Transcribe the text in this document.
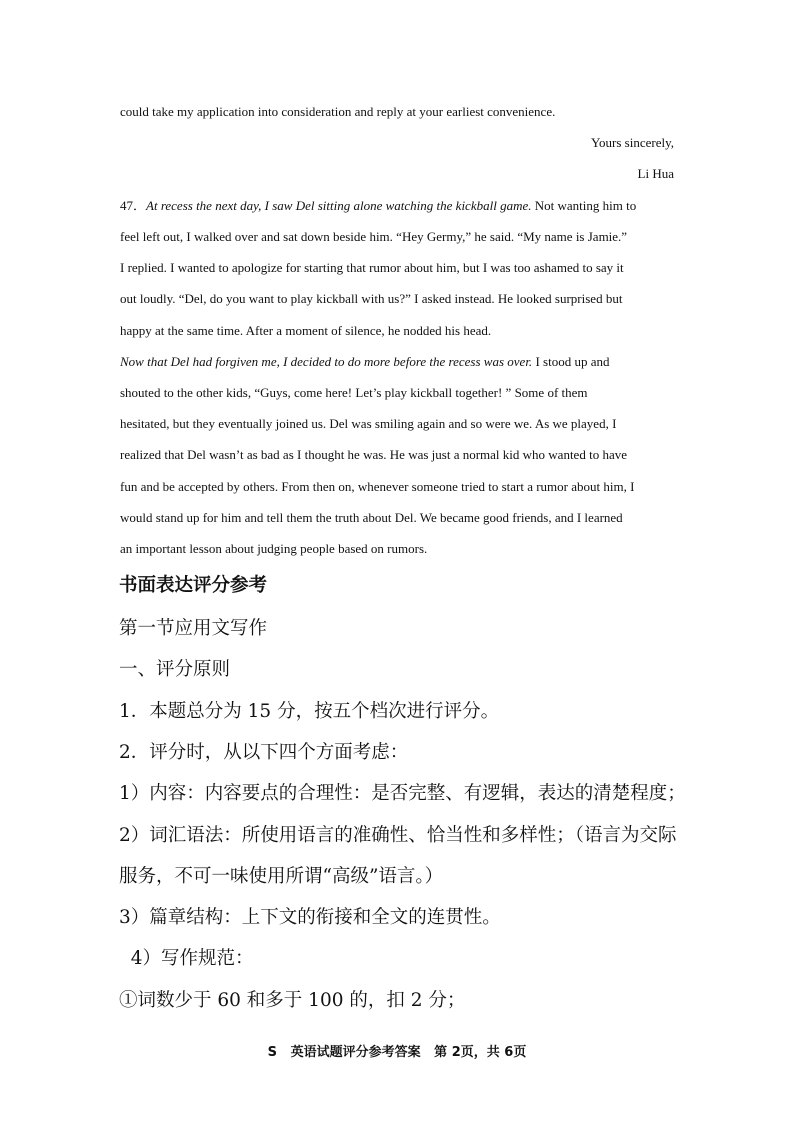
could take my application into consideration and reply at your earliest convenience.
Yours sincerely,
Li Hua
47．At recess the next day, I saw Del sitting alone watching the kickball game. Not wanting him to
feel left out, I walked over and sat down beside him. “Hey Germy,” he said. “My name is Jamie.”
I replied. I wanted to apologize for starting that rumor about him, but I was too ashamed to say it
out loudly. “Del, do you want to play kickball with us?” I asked instead. He looked surprised but
happy at the same time. After a moment of silence, he nodded his head.
Now that Del had forgiven me, I decided to do more before the recess was over. I stood up and
shouted to the other kids, “Guys, come here! Let’s play kickball together! ” Some of them
hesitated, but they eventually joined us. Del was smiling again and so were we. As we played, I
realized that Del wasn’t as bad as I thought he was. He was just a normal kid who wanted to have
fun and be accepted by others. From then on, whenever someone tried to start a rumor about him, I
would stand up for him and tell them the truth about Del. We became good friends, and I learned
an important lesson about judging people based on rumors.
书面表达评分参考
第一节应用文写作
一、评分原则
1．本题总分为 15 分，按五个档次进行评分。
2．评分时，从以下四个方面考虑：
1）内容：内容要点的合理性：是否完整、有逻辑，表达的清楚程度；
2）词汇语法：所使用语言的准确性、恰当性和多样性；（语言为交际
服务，不可一味使用所谓“高级”语言。）
3）篇章结构：上下文的衔接和全文的连贯性。
4）写作规范：
①词数少于 60 和多于 100 的，扣 2 分；
S   英语试题评分参考答案   第 2页，共 6页
